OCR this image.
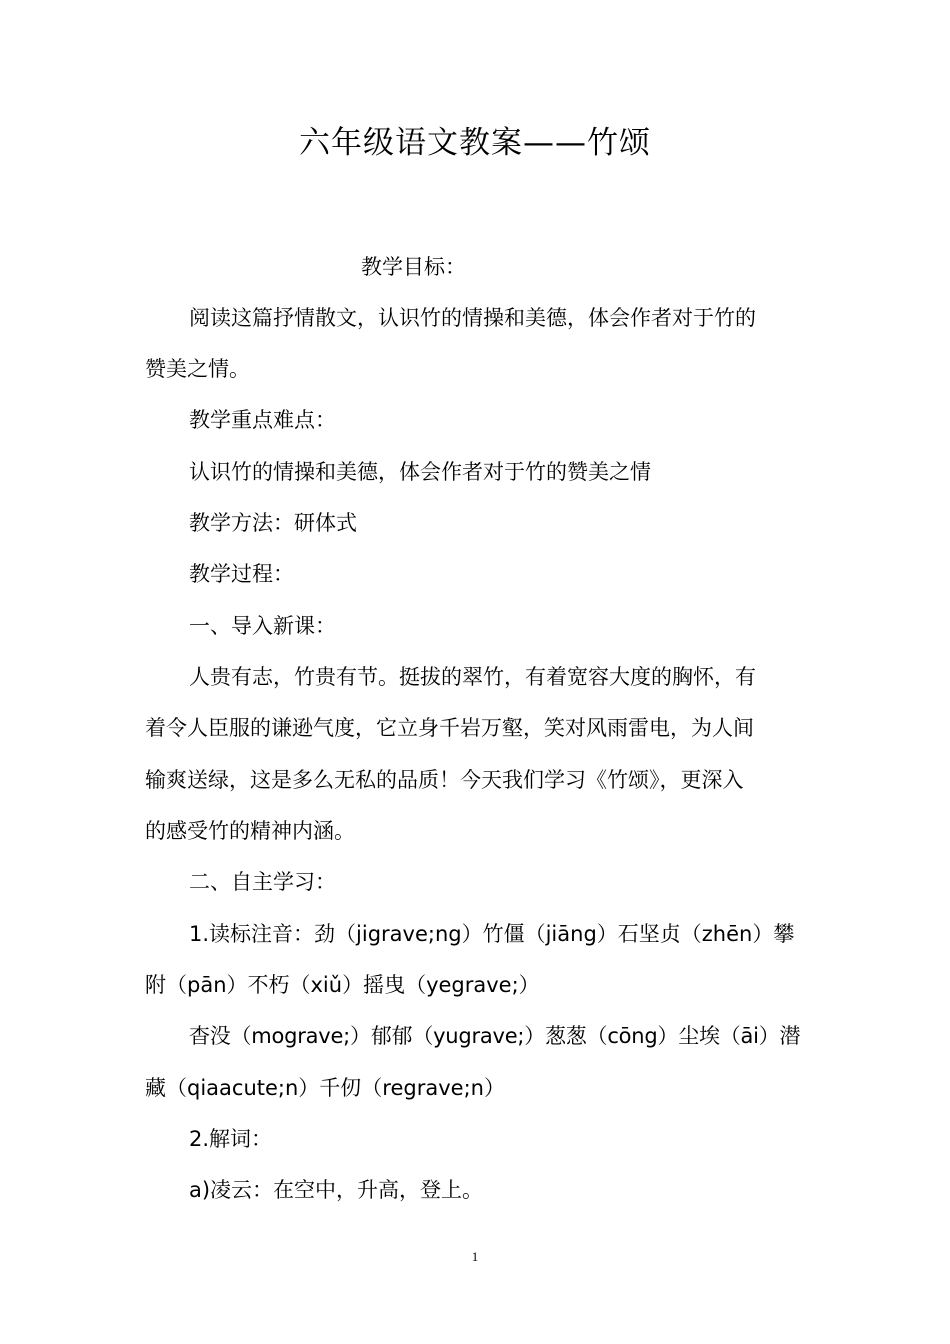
六年级语文教案——竹颂
教学目标：
阅读这篇抒情散文，认识竹的情操和美德，体会作者对于竹的
赞美之情。
教学重点难点：
认识竹的情操和美德，体会作者对于竹的赞美之情
教学方法：研体式
教学过程：
一、导入新课：
人贵有志，竹贵有节。挺拔的翠竹，有着宽容大度的胸怀，有
着令人臣服的谦逊气度，它立身千岩万壑，笑对风雨雷电，为人间
输爽送绿，这是多么无私的品质！今天我们学习《竹颂》，更深入
的感受竹的精神内涵。
二、自主学习：
1.读标注音：劲（jigrave;ng）竹僵（jiāng）石坚贞（zhēn）攀
附（pān）不朽（xiǔ）摇曳（yegrave;）
杳没（mograve;）郁郁（yugrave;）葱葱（cōng）尘埃（āi）潜
藏（qiaacute;n）千仞（regrave;n）
2.解词：
a)凌云：在空中，升高，登上。
1
